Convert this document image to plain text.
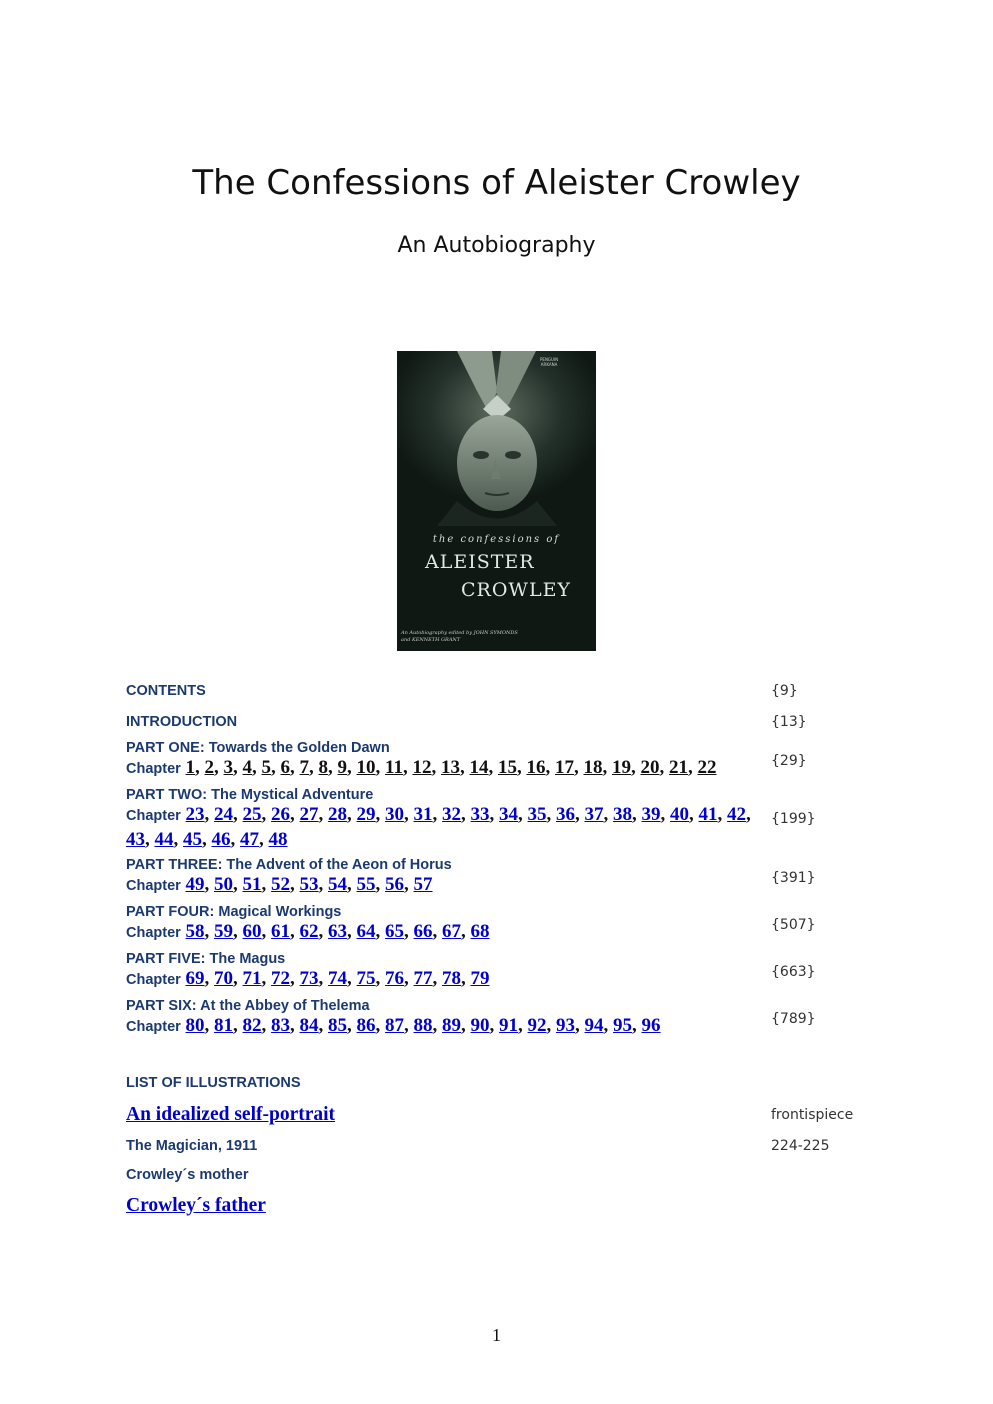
The Confessions of Aleister Crowley
An Autobiography
PENGUIN
ARKANA
the confessions of
ALEISTER
CROWLEY
An Autobiography edited by JOHN SYMONDS
and KENNETH GRANT
CONTENTS	{9}
INTRODUCTION	{13}

PART ONE: Towards the Golden Dawn
Chapter 1, 2, 3, 4, 5, 6, 7, 8, 9, 10, 11, 12, 13, 14, 15, 16, 17, 18, 19, 20, 21, 22	{29}

PART TWO: The Mystical Adventure
Chapter 23, 24, 25, 26, 27, 28, 29, 30, 31, 32, 33, 34, 35, 36, 37, 38, 39, 40, 41, 42, 43, 44, 45, 46, 47, 48	{199}

PART THREE: The Advent of the Aeon of Horus
Chapter 49, 50, 51, 52, 53, 54, 55, 56, 57	{391}

PART FOUR: Magical Workings
Chapter 58, 59, 60, 61, 62, 63, 64, 65, 66, 67, 68	{507}

PART FIVE: The Magus
Chapter 69, 70, 71, 72, 73, 74, 75, 76, 77, 78, 79	{663}

PART SIX: At the Abbey of Thelema
Chapter 80, 81, 82, 83, 84, 85, 86, 87, 88, 89, 90, 91, 92, 93, 94, 95, 96	{789}

LIST OF ILLUSTRATIONS	
An idealized self-portrait	frontispiece
The Magician, 1911	224-225
Crowley´s mother	
Crowley´s father	
1
